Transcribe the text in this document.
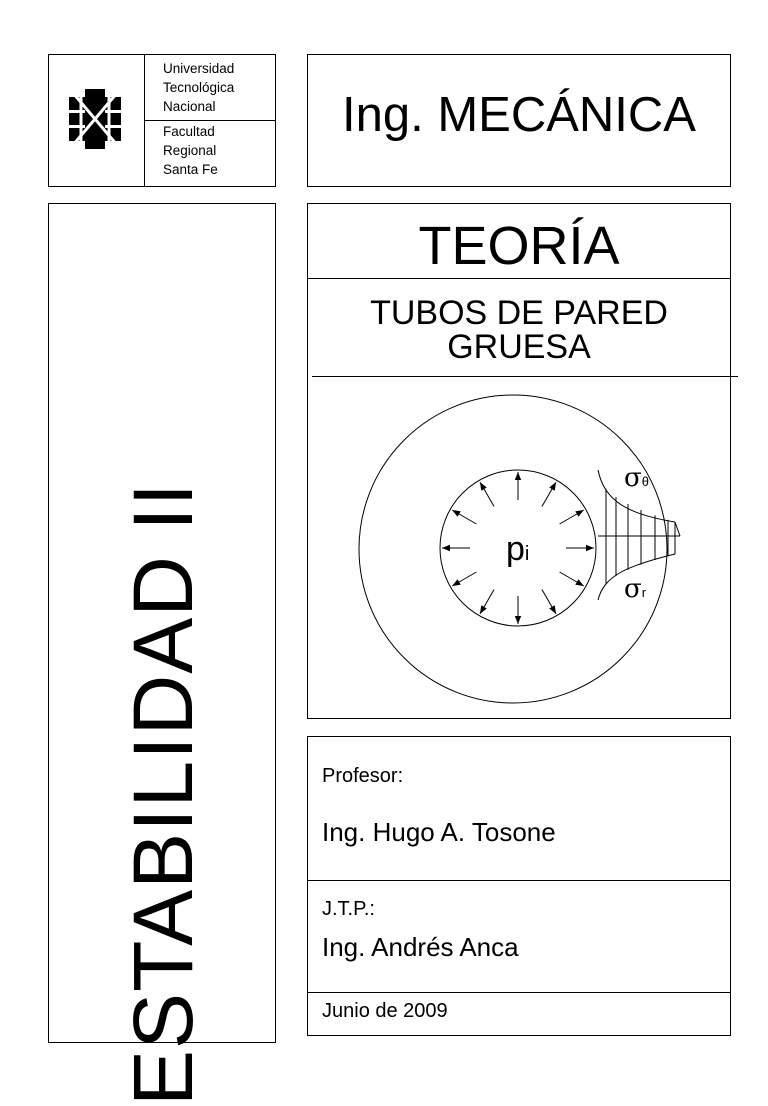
Universidad
Tecnológica
Nacional
Facultad
Regional
Santa Fe
Ing. MECÁNICA
ESTABILIDAD II
TEORÍA
TUBOS DE PARED
GRUESA
pi
σθ
σr
Profesor:
Ing. Hugo A. Tosone
J.T.P.:
Ing. Andrés Anca
Junio de 2009
